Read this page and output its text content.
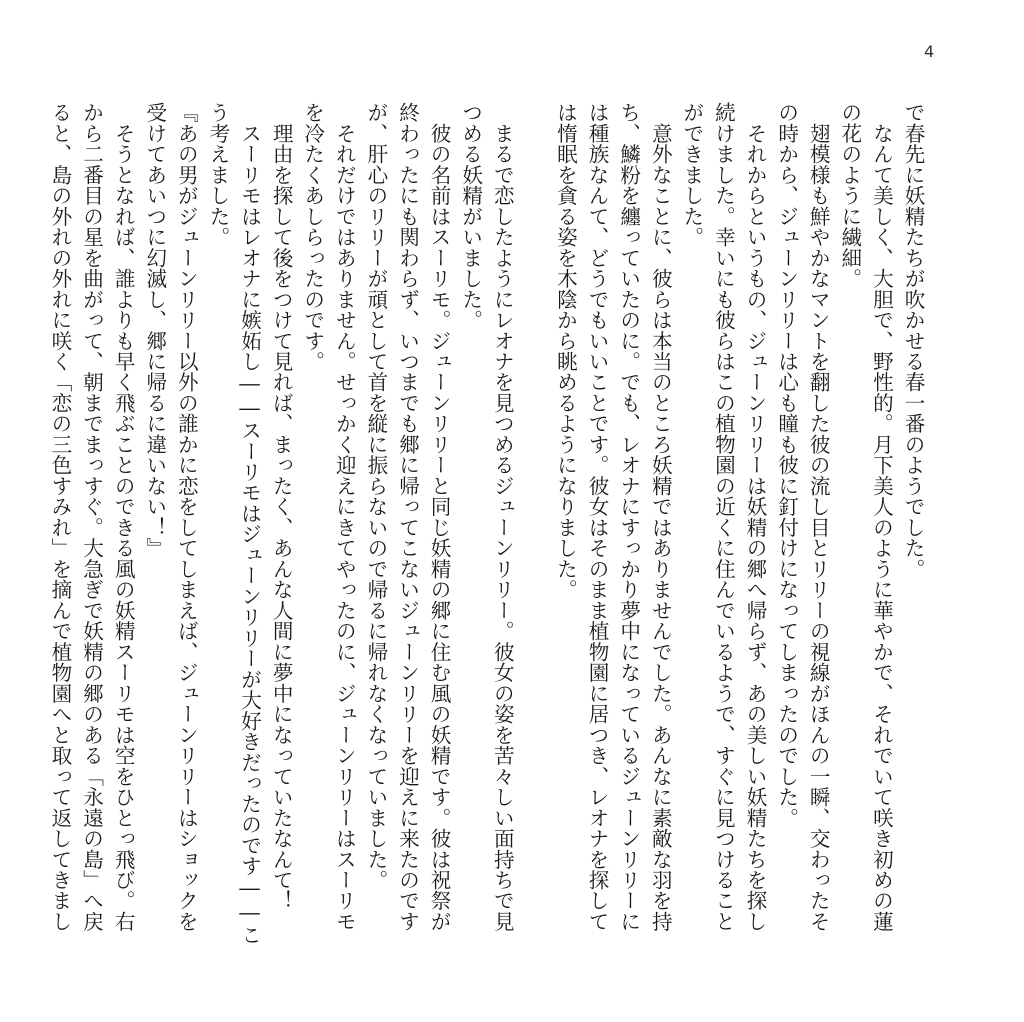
4
で春先に妖精たちが吹かせる春一番のようでした。
　なんて美しく、大胆で、野性的。月下美人のように華やかで、それでいて咲き初めの蓮
の花のように繊細。
　翅模様も鮮やかなマントを翻した彼の流し目とリリーの視線がほんの一瞬、交わったそ
の時から、ジューンリリーは心も瞳も彼に釘付けになってしまったのでした。
　それからというもの、ジューンリリーは妖精の郷へ帰らず、あの美しい妖精たちを探し
続けました。幸いにも彼らはこの植物園の近くに住んでいるようで、すぐに見つけること
ができました。
　意外なことに、彼らは本当のところ妖精ではありませんでした。あんなに素敵な羽を持
ち、鱗粉を纏っていたのに。でも、レオナにすっかり夢中になっているジューンリリーに
は種族なんて、どうでもいいことです。彼女はそのまま植物園に居つき、レオナを探して
は惰眠を貪る姿を木陰から眺めるようになりました。
　まるで恋したようにレオナを見つめるジューンリリー。彼女の姿を苦々しい面持ちで見
つめる妖精がいました。
　彼の名前はスーリモ。ジューンリリーと同じ妖精の郷に住む風の妖精です。彼は祝祭が
終わったにも関わらず、いつまでも郷に帰ってこないジューンリリーを迎えに来たのです
が、肝心のリリーが頑として首を縦に振らないので帰るに帰れなくなっていました。
　それだけではありません。せっかく迎えにきてやったのに、ジューンリリーはスーリモ
を冷たくあしらったのです。
　理由を探して後をつけて見れば、まったく、あんな人間に夢中になっていたなんて！
　スーリモはレオナに嫉妬し――スーリモはジューンリリーが大好きだったのです――こ
う考えました。
『あの男がジューンリリー以外の誰かに恋をしてしまえば、ジューンリリーはショックを
受けてあいつに幻滅し、郷に帰るに違いない！』
　そうとなれば、誰よりも早く飛ぶことのできる風の妖精スーリモは空をひとっ飛び。右
から二番目の星を曲がって、朝までまっすぐ。大急ぎで妖精の郷のある「永遠の島」へ戻
ると、島の外れの外れに咲く「恋の三色すみれ」を摘んで植物園へと取って返してきまし
